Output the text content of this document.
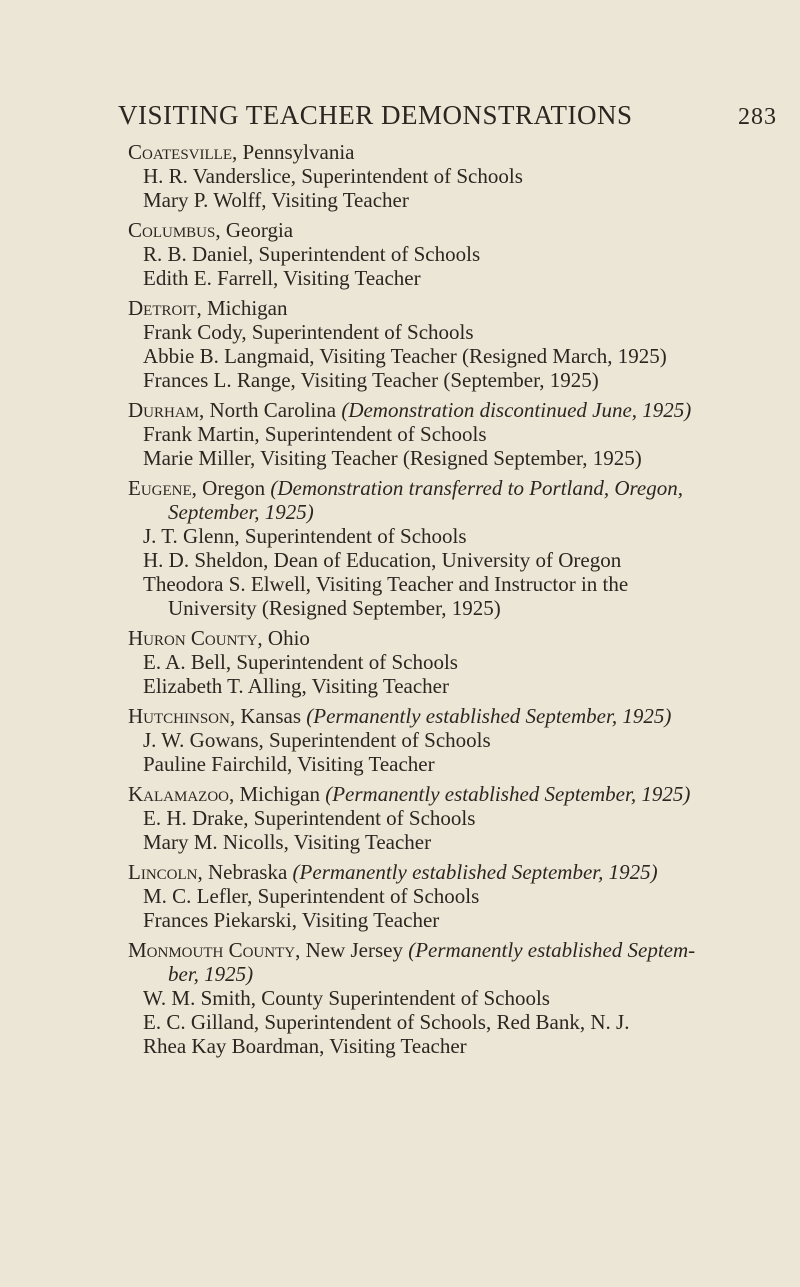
VISITING TEACHER DEMONSTRATIONS	283
Coatesville, Pennsylvania
H. R. Vanderslice, Superintendent of Schools
Mary P. Wolff, Visiting Teacher
Columbus, Georgia
R. B. Daniel, Superintendent of Schools
Edith E. Farrell, Visiting Teacher
Detroit, Michigan
Frank Cody, Superintendent of Schools
Abbie B. Langmaid, Visiting Teacher (Resigned March, 1925)
Frances L. Range, Visiting Teacher (September, 1925)
Durham, North Carolina (Demonstration discontinued June, 1925)
Frank Martin, Superintendent of Schools
Marie Miller, Visiting Teacher (Resigned September, 1925)
Eugene, Oregon (Demonstration transferred to Portland, Oregon,
September, 1925)
J. T. Glenn, Superintendent of Schools
H. D. Sheldon, Dean of Education, University of Oregon
Theodora S. Elwell, Visiting Teacher and Instructor in the
University (Resigned September, 1925)
Huron County, Ohio
E. A. Bell, Superintendent of Schools
Elizabeth T. Alling, Visiting Teacher
Hutchinson, Kansas (Permanently established September, 1925)
J. W. Gowans, Superintendent of Schools
Pauline Fairchild, Visiting Teacher
Kalamazoo, Michigan (Permanently established September, 1925)
E. H. Drake, Superintendent of Schools
Mary M. Nicolls, Visiting Teacher
Lincoln, Nebraska (Permanently established September, 1925)
M. C. Lefler, Superintendent of Schools
Frances Piekarski, Visiting Teacher
Monmouth County, New Jersey (Permanently established Septem-
ber, 1925)
W. M. Smith, County Superintendent of Schools
E. C. Gilland, Superintendent of Schools, Red Bank, N. J.
Rhea Kay Boardman, Visiting Teacher
